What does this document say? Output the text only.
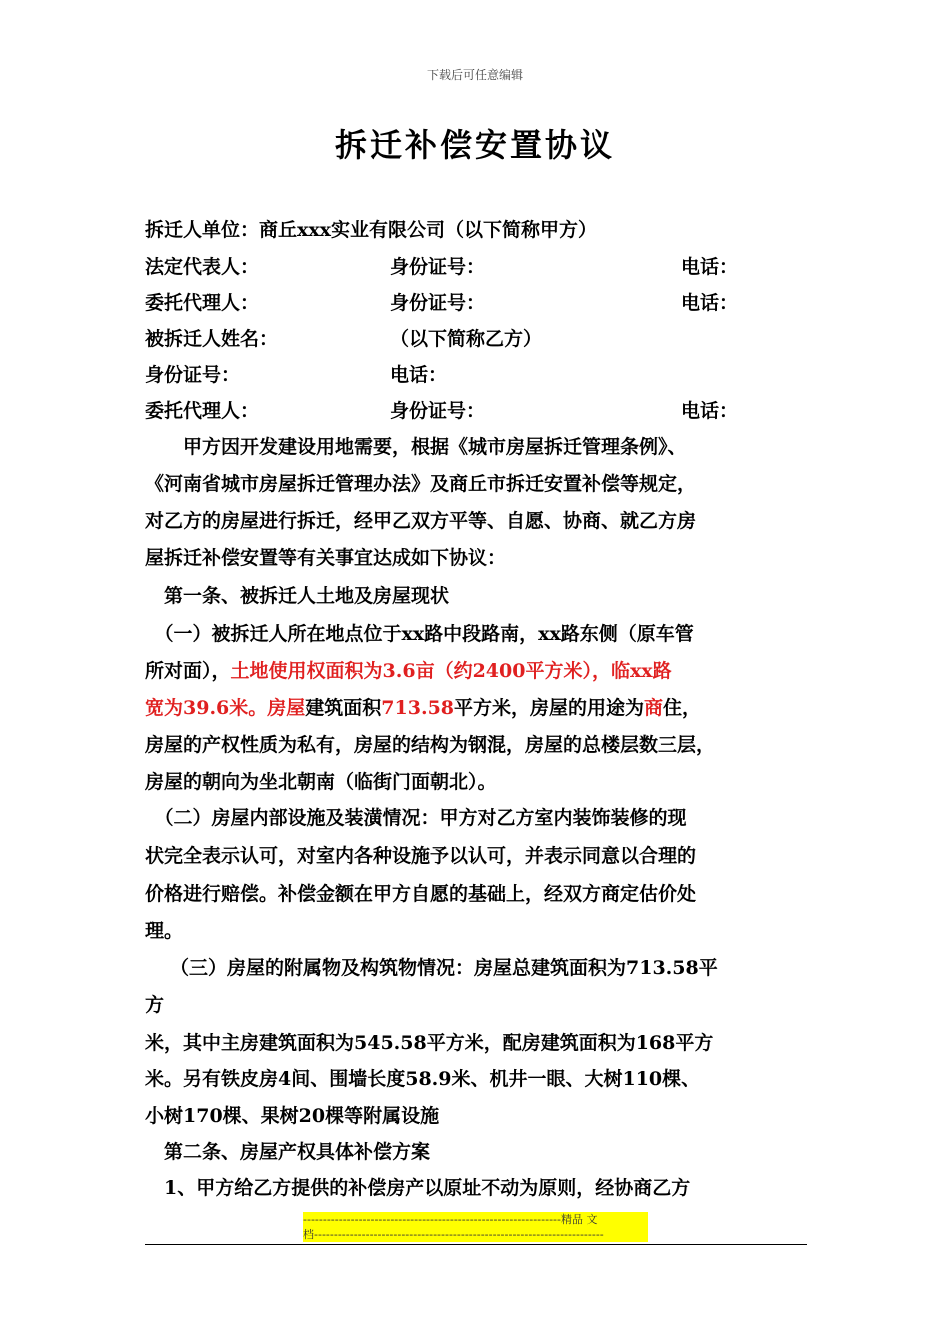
下载后可任意编辑
拆迁补偿安置协议
拆迁人单位：商丘xxx实业有限公司（以下简称甲方）
法定代表人：	身份证号：	电话：
委托代理人：	身份证号：	电话：
被拆迁人姓名：	（以下简称乙方）
身份证号：	电话：
委托代理人：	身份证号：	电话：
　　甲方因开发建设用地需要，根据《城市房屋拆迁管理条例》、
《河南省城市房屋拆迁管理办法》及商丘市拆迁安置补偿等规定，
对乙方的房屋进行拆迁，经甲乙双方平等、自愿、协商、就乙方房
屋拆迁补偿安置等有关事宜达成如下协议：
　第一条、被拆迁人土地及房屋现状
　（一）被拆迁人所在地点位于xx路中段路南，xx路东侧（原车管
所对面），土地使用权面积为3.6亩（约2400平方米），临xx路
宽为39.6米。房屋建筑面积713.58平方米，房屋的用途为商住，
房屋的产权性质为私有，房屋的结构为钢混，房屋的总楼层数三层，
房屋的朝向为坐北朝南（临街门面朝北）。
　（二）房屋内部设施及装潢情况：甲方对乙方室内装饰装修的现
状完全表示认可，对室内各种设施予以认可，并表示同意以合理的
价格进行赔偿。补偿金额在甲方自愿的基础上，经双方商定估价处
理。
（三）房屋的附属物及构筑物情况：房屋总建筑面积为713.58平
方
米，其中主房建筑面积为545.58平方米，配房建筑面积为168平方
米。另有铁皮房4间、围墙长度58.9米、机井一眼、大树110棵、
小树170棵、果树20棵等附属设施
　第二条、房屋产权具体补偿方案
　1、甲方给乙方提供的补偿房产以原址不动为原则，经协商乙方
-----------------------------------------------------------------精品 文
档-------------------------------------------------------------------------
